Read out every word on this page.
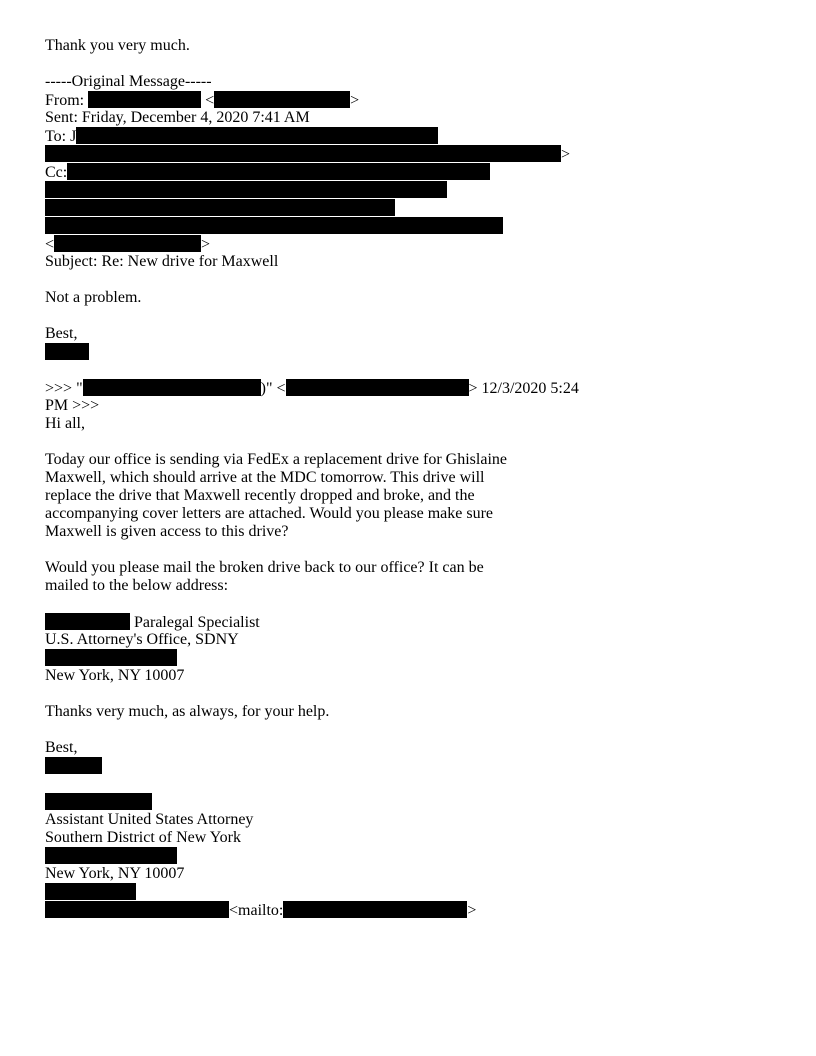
Thank you very much.
-----Original Message-----
From:	<	>
Sent: Friday, December 4, 2020 7:41 AM
To: J
>
Cc:
<	>
Subject: Re: New drive for Maxwell
Not a problem.
Best,
>>> "	)" <	> 12/3/2020 5:24
PM >>>
Hi all,
Today our office is sending via FedEx a replacement drive for Ghislaine
Maxwell, which should arrive at the MDC tomorrow. This drive will
replace the drive that Maxwell recently dropped and broke, and the
accompanying cover letters are attached. Would you please make sure
Maxwell is given access to this drive?
Would you please mail the broken drive back to our office? It can be
mailed to the below address:
Paralegal Specialist
U.S. Attorney's Office, SDNY
New York, NY 10007
Thanks very much, as always, for your help.
Best,
Assistant United States Attorney
Southern District of New York
New York, NY 10007
<mailto:	>
